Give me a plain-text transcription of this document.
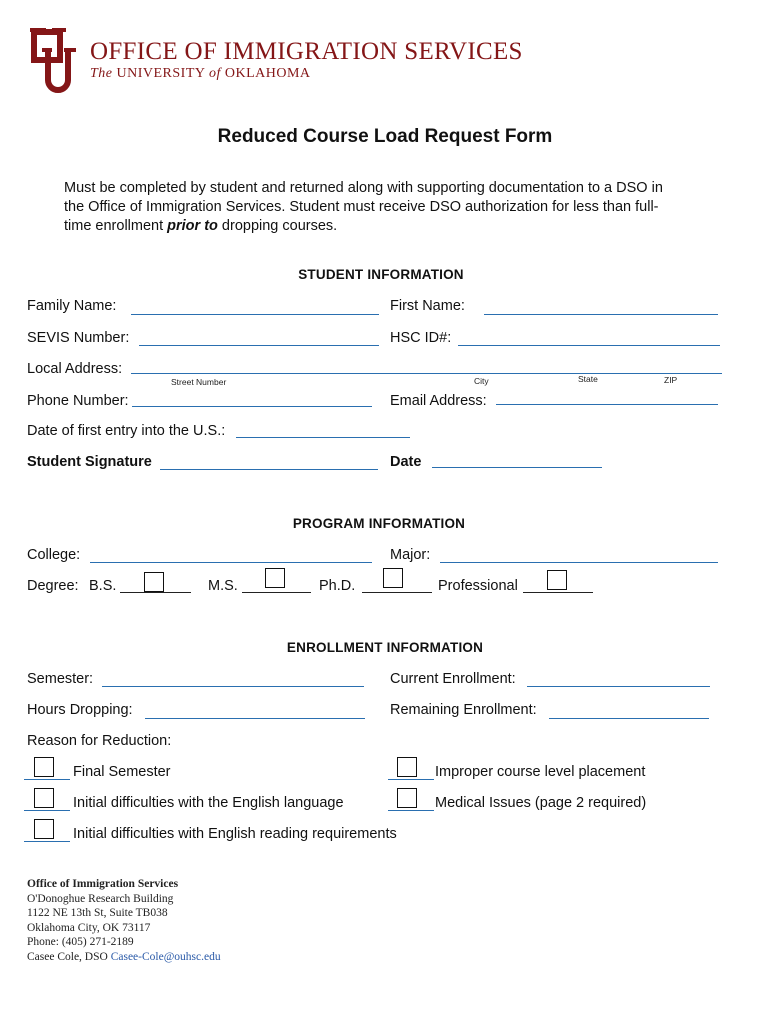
OFFICE OF IMMIGRATION SERVICES
The UNIVERSITY of OKLAHOMA
Reduced Course Load Request Form
Must be completed by student and returned along with supporting documentation to a DSO in
the Office of Immigration Services. Student must receive DSO authorization for less than full-
time enrollment prior to dropping courses.
STUDENT INFORMATION
Family Name:	First Name:
SEVIS Number:	HSC ID#:
Local Address:
Street Number	City	State	ZIP
Phone Number:	Email Address:
Date of first entry into the U.S.:
Student Signature	Date
PROGRAM INFORMATION
College:	Major:
Degree: B.S.	M.S.	Ph.D.	Professional
ENROLLMENT INFORMATION
Semester:	Current Enrollment:
Hours Dropping:	Remaining Enrollment:
Reason for Reduction:
Final Semester	Improper course level placement
Initial difficulties with the English language	Medical Issues (page 2 required)
Initial difficulties with English reading requirements
Office of Immigration Services
O'Donoghue Research Building
1122 NE 13th St, Suite TB038
Oklahoma City, OK 73117
Phone: (405) 271-2189
Casee Cole, DSO Casee-Cole@ouhsc.edu
